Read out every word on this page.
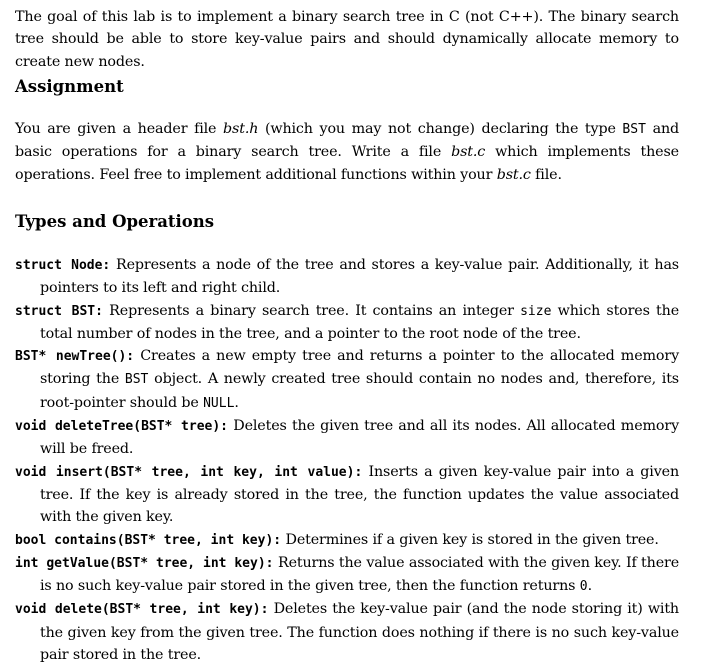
The goal of this lab is to implement a binary search tree in C (not C++). The binary search tree should be able to store key-value pairs and should dynamically allocate memory to create new nodes.

Assignment

You are given a header file bst.h (which you may not change) declaring the type BST and basic operations for a binary search tree. Write a file bst.c which implements these operations. Feel free to implement additional functions within your bst.c file.

Types and Operations

struct Node: Represents a node of the tree and stores a key-value pair. Additionally, it has pointers to its left and right child.

struct BST: Represents a binary search tree. It contains an integer size which stores the total number of nodes in the tree, and a pointer to the root node of the tree.

BST* newTree(): Creates a new empty tree and returns a pointer to the allocated memory storing the BST object. A newly created tree should contain no nodes and, therefore, its root-pointer should be NULL.

void deleteTree(BST* tree): Deletes the given tree and all its nodes. All allocated memory will be freed.

void insert(BST* tree, int key, int value): Inserts a given key-value pair into a given tree. If the key is already stored in the tree, the function updates the value associated with the given key.

bool contains(BST* tree, int key): Determines if a given key is stored in the given tree.

int getValue(BST* tree, int key): Returns the value associated with the given key. If there is no such key-value pair stored in the given tree, then the function returns 0.

void delete(BST* tree, int key): Deletes the key-value pair (and the node storing it) with the given key from the given tree. The function does nothing if there is no such key-value pair stored in the tree.
